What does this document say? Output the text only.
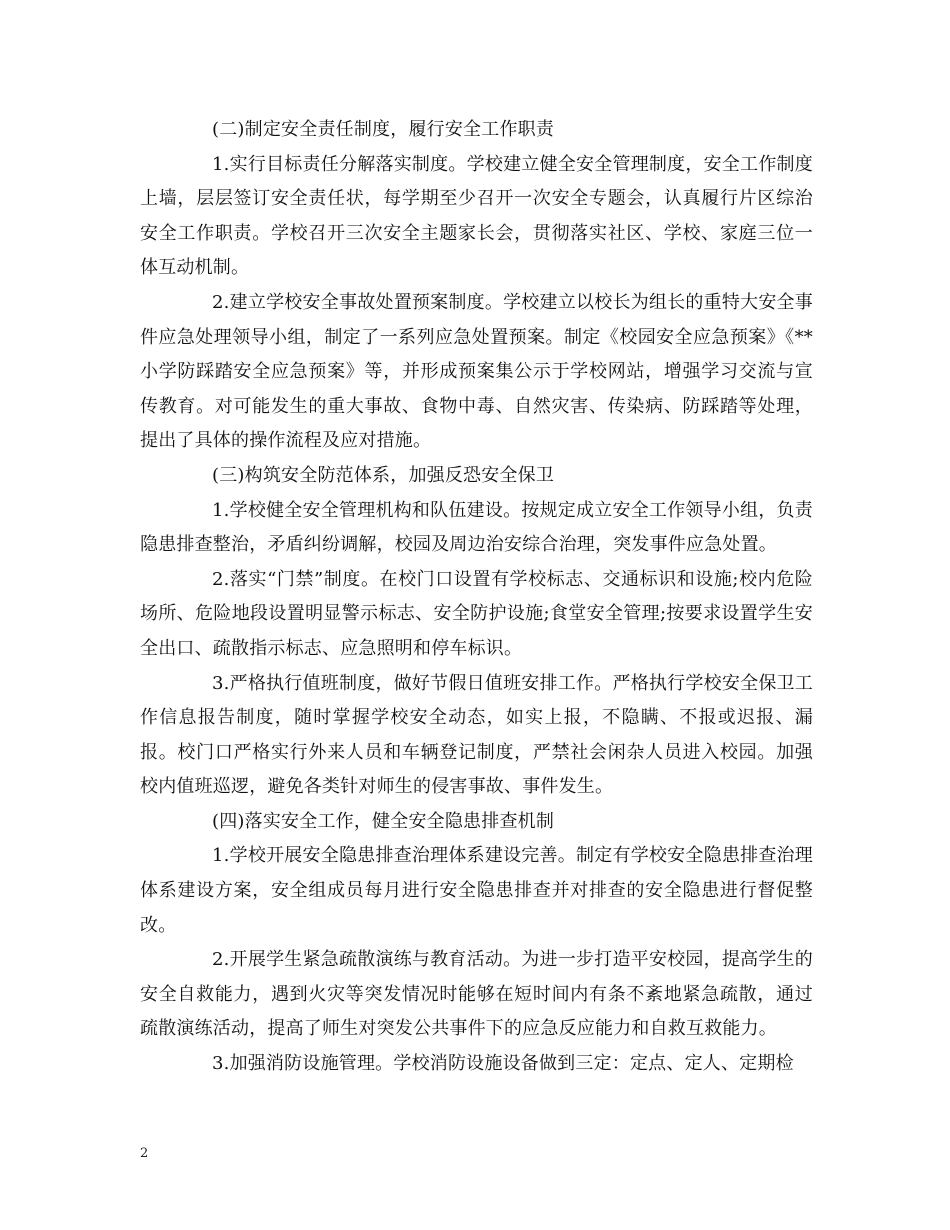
(二)制定安全责任制度，履行安全工作职责

1.实行目标责任分解落实制度。学校建立健全安全管理制度，安全工作制度上墙，层层签订安全责任状，每学期至少召开一次安全专题会，认真履行片区综治安全工作职责。学校召开三次安全主题家长会，贯彻落实社区、学校、家庭三位一体互动机制。

2.建立学校安全事故处置预案制度。学校建立以校长为组长的重特大安全事件应急处理领导小组，制定了一系列应急处置预案。制定《校园安全应急预案》《**小学防踩踏安全应急预案》等，并形成预案集公示于学校网站，增强学习交流与宣传教育。对可能发生的重大事故、食物中毒、自然灾害、传染病、防踩踏等处理，提出了具体的操作流程及应对措施。

(三)构筑安全防范体系，加强反恐安全保卫

1.学校健全安全管理机构和队伍建设。按规定成立安全工作领导小组，负责隐患排查整治，矛盾纠纷调解，校园及周边治安综合治理，突发事件应急处置。

2.落实“门禁”制度。在校门口设置有学校标志、交通标识和设施;校内危险场所、危险地段设置明显警示标志、安全防护设施;食堂安全管理;按要求设置学生安全出口、疏散指示标志、应急照明和停车标识。

3.严格执行值班制度，做好节假日值班安排工作。严格执行学校安全保卫工作信息报告制度，随时掌握学校安全动态，如实上报，不隐瞒、不报或迟报、漏报。校门口严格实行外来人员和车辆登记制度，严禁社会闲杂人员进入校园。加强校内值班巡逻，避免各类针对师生的侵害事故、事件发生。

(四)落实安全工作，健全安全隐患排查机制

1.学校开展安全隐患排查治理体系建设完善。制定有学校安全隐患排查治理体系建设方案，安全组成员每月进行安全隐患排查并对排查的安全隐患进行督促整改。

2.开展学生紧急疏散演练与教育活动。为进一步打造平安校园，提高学生的安全自救能力，遇到火灾等突发情况时能够在短时间内有条不紊地紧急疏散，通过疏散演练活动，提高了师生对突发公共事件下的应急反应能力和自救互救能力。

3.加强消防设施管理。学校消防设施设备做到三定：定点、定人、定期检

2
